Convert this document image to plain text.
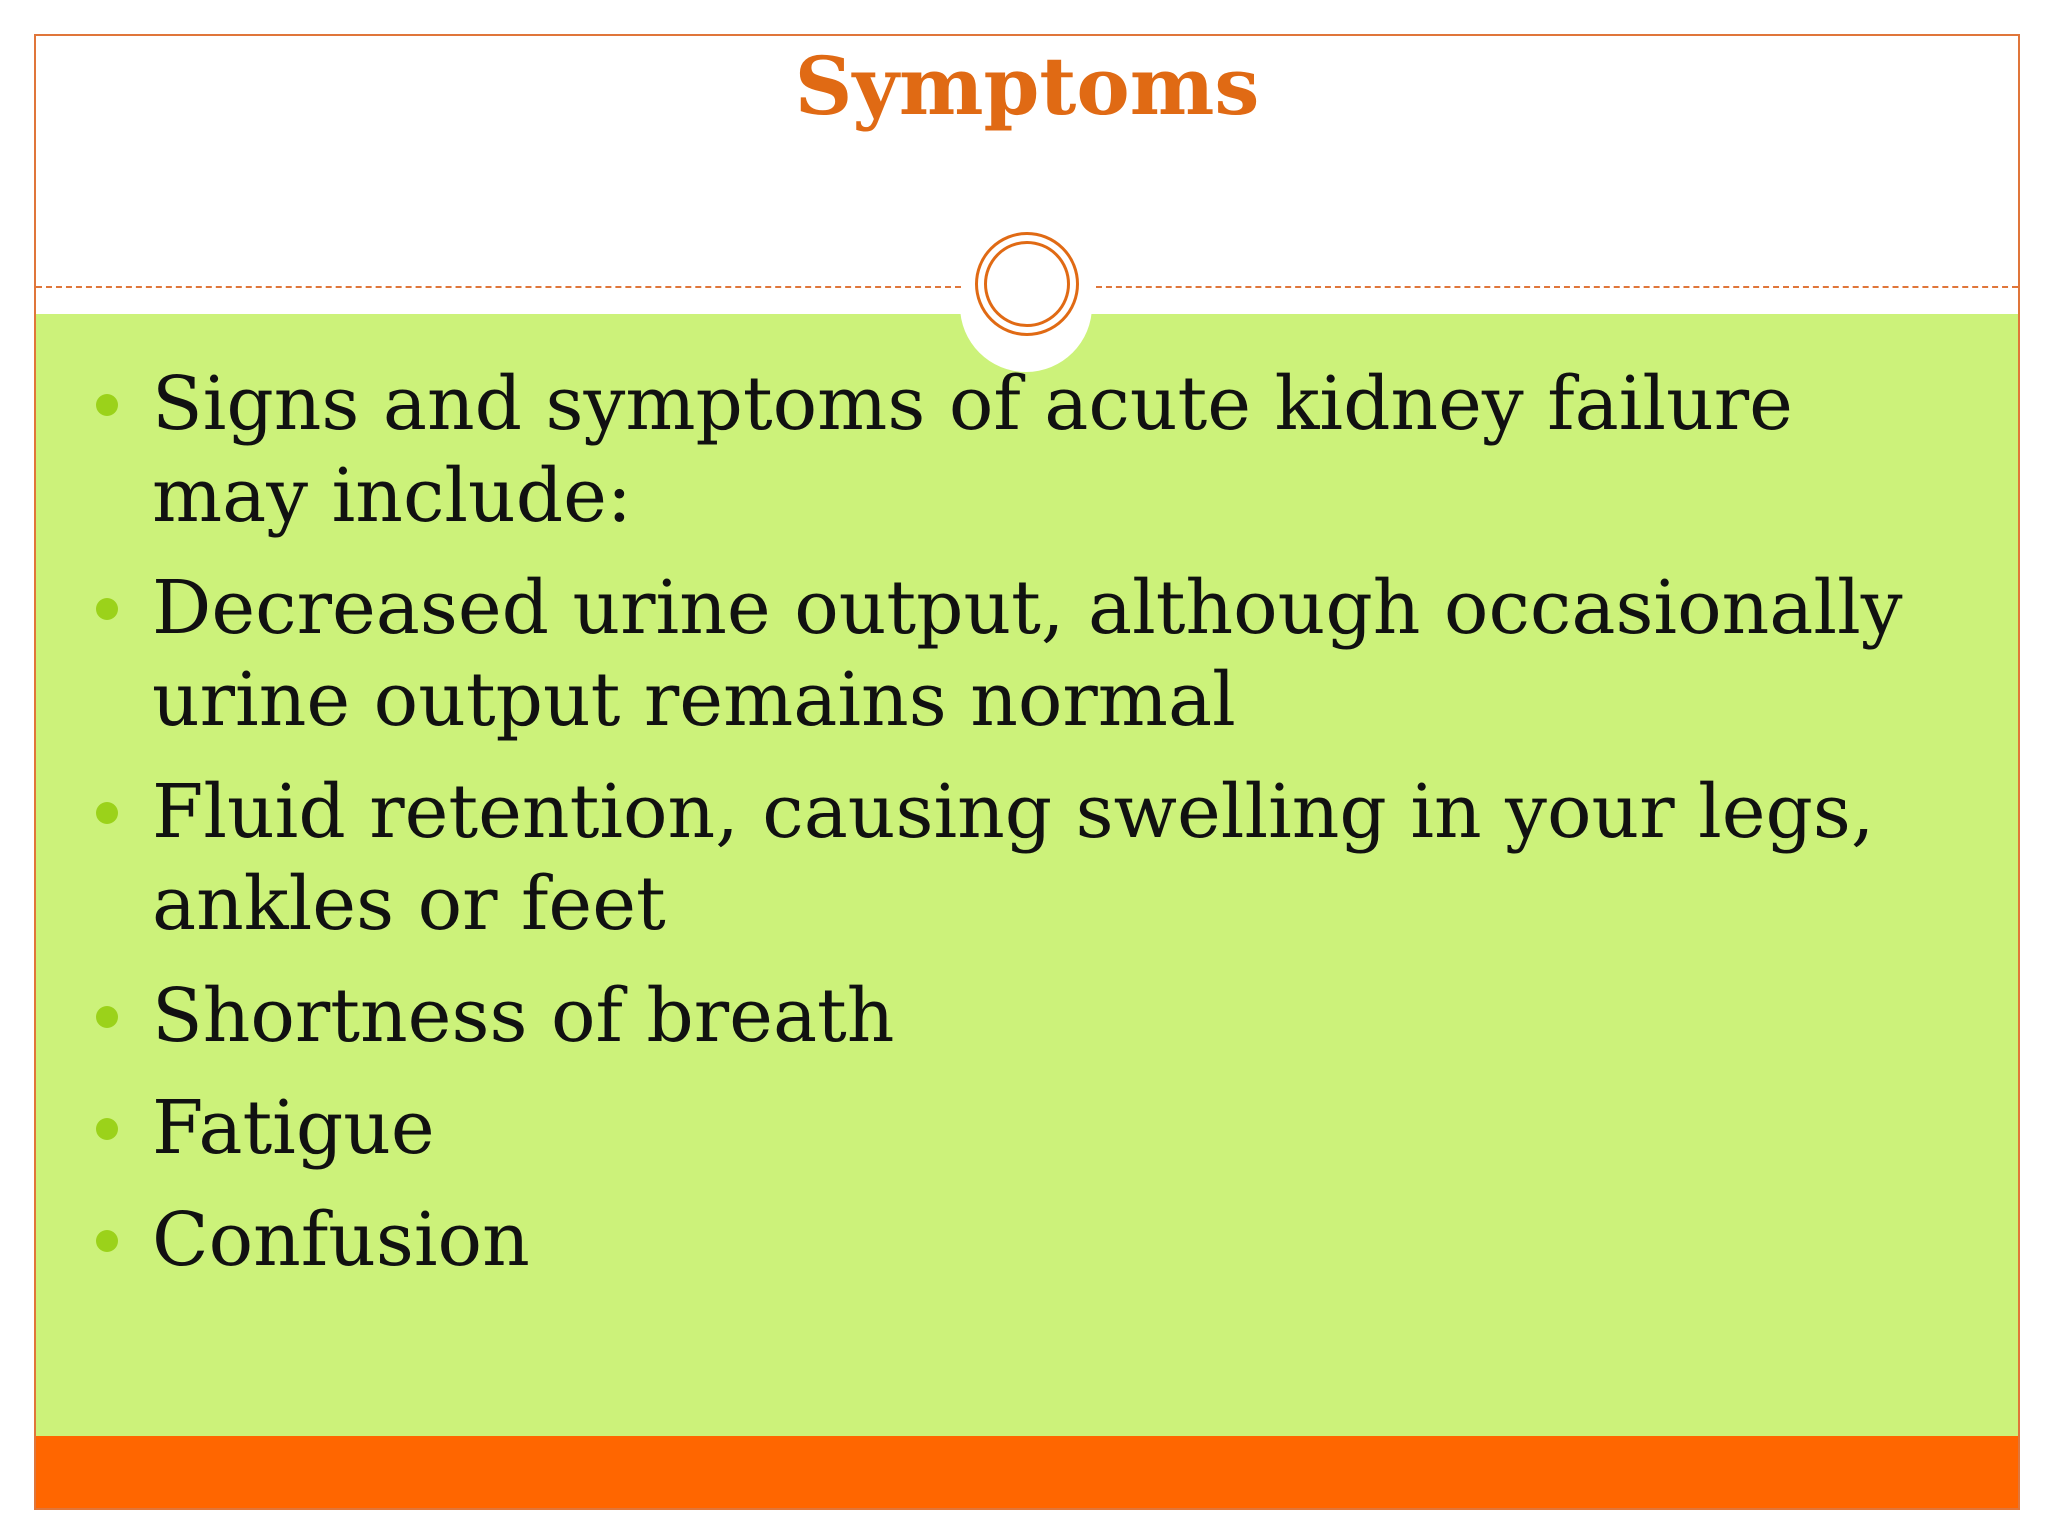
Symptoms
Signs and symptoms of acute kidney failure may include:
Decreased urine output, although occasionally urine output remains normal
Fluid retention, causing swelling in your legs, ankles or feet
Shortness of breath
Fatigue
Confusion
